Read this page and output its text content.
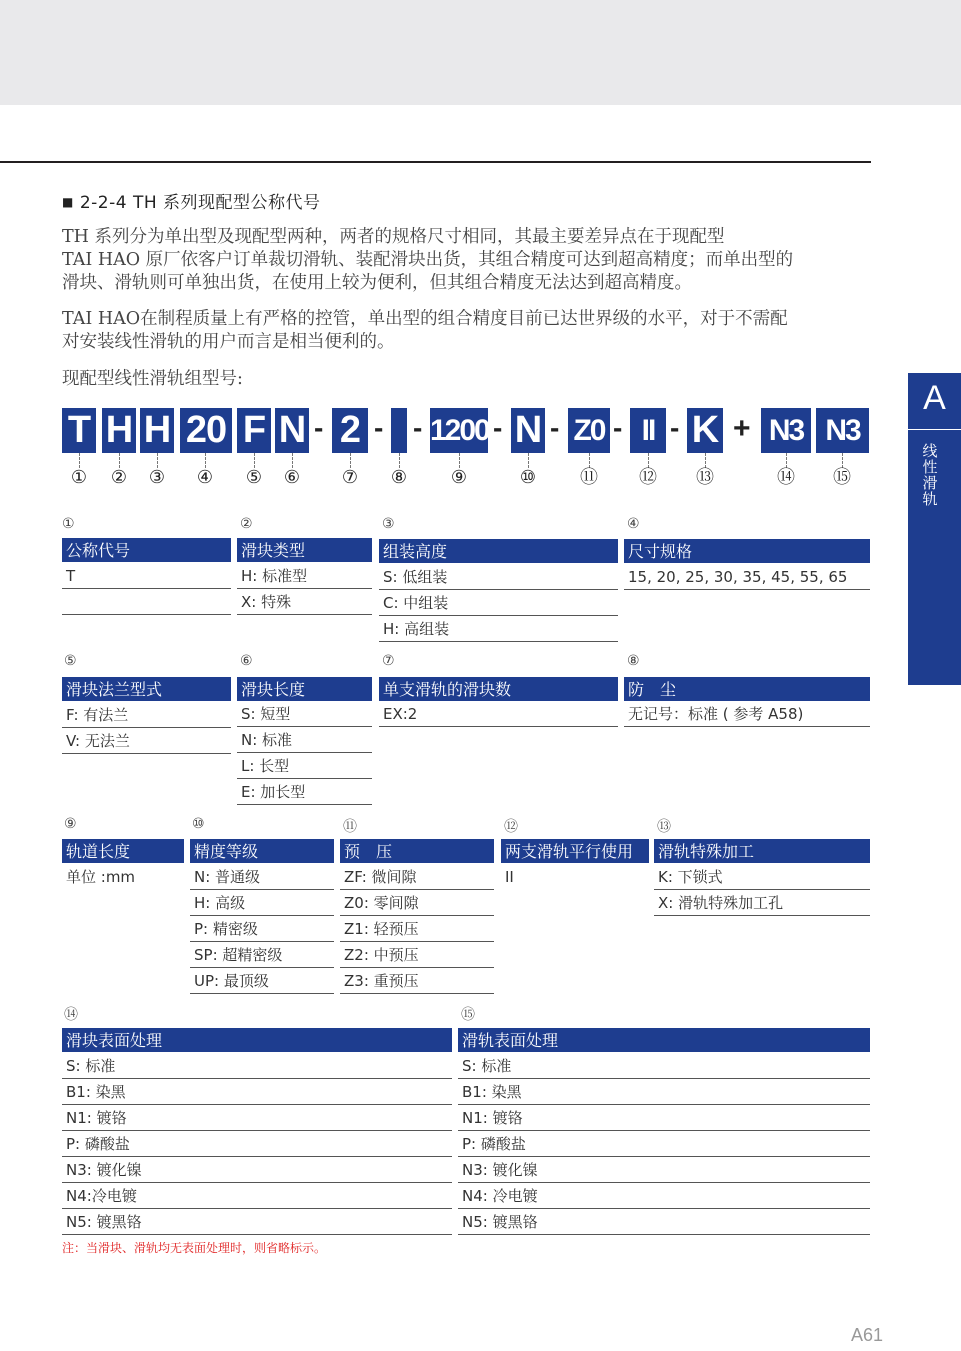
■ 2-2-4 TH 系列现配型公称代号
TH 系列分为单出型及现配型两种，两者的规格尺寸相同，其最主要差异点在于现配型
TAI HAO 原厂依客户订单裁切滑轨、装配滑块出货，其组合精度可达到超高精度；而单出型的
滑块、滑轨则可单独出货，在使用上较为便利，但其组合精度无法达到超高精度。
TAI HAO在制程质量上有严格的控管，单出型的组合精度目前已达世界级的水平，对于不需配
对安装线性滑轨的用户而言是相当便利的。
现配型线性滑轨组型号:	A
线
性
滑
轨
T H H 20 F N - 2 - - 1200 - N - Z0 - II - K + N3 N3
① ② ③ ④ ⑤ ⑥ ⑦ ⑧ ⑨	⑩ ⑪ ⑫ ⑬	⑭ ⑮
①
公称代号
T
②
滑块类型
H: 标准型
X: 特殊
③
组装高度
S: 低组装
C: 中组装
H: 高组装
④
尺寸规格
15, 20, 25, 30, 35, 45, 55, 65
⑤
滑块法兰型式
F: 有法兰
V: 无法兰
⑥
滑块长度
S: 短型
N: 标准
L: 长型
E: 加长型
⑦
单支滑轨的滑块数
EX:2
⑧
防　尘
无记号：标准 ( 参考 A58)
⑨
轨道长度
单位 :mm
⑩
精度等级
N: 普通级
H: 高级
P: 精密级
SP: 超精密级
UP: 最顶级
⑪
预　压
ZF: 微间隙
Z0: 零间隙
Z1: 轻预压
Z2: 中预压
Z3: 重预压
⑫
两支滑轨平行使用
II
⑬
滑轨特殊加工
K: 下锁式
X: 滑轨特殊加工孔
⑭
滑块表面处理
S: 标准
B1: 染黑
N1: 镀铬
P: 磷酸盐
N3: 镀化镍
N4:冷电镀
N5: 镀黑铬
⑮
滑轨表面处理
S: 标准
B1: 染黑
N1: 镀铬
P: 磷酸盐
N3: 镀化镍
N4: 冷电镀
N5: 镀黑铬
注：当滑块、滑轨均无表面处理时，则省略标示。
A61
